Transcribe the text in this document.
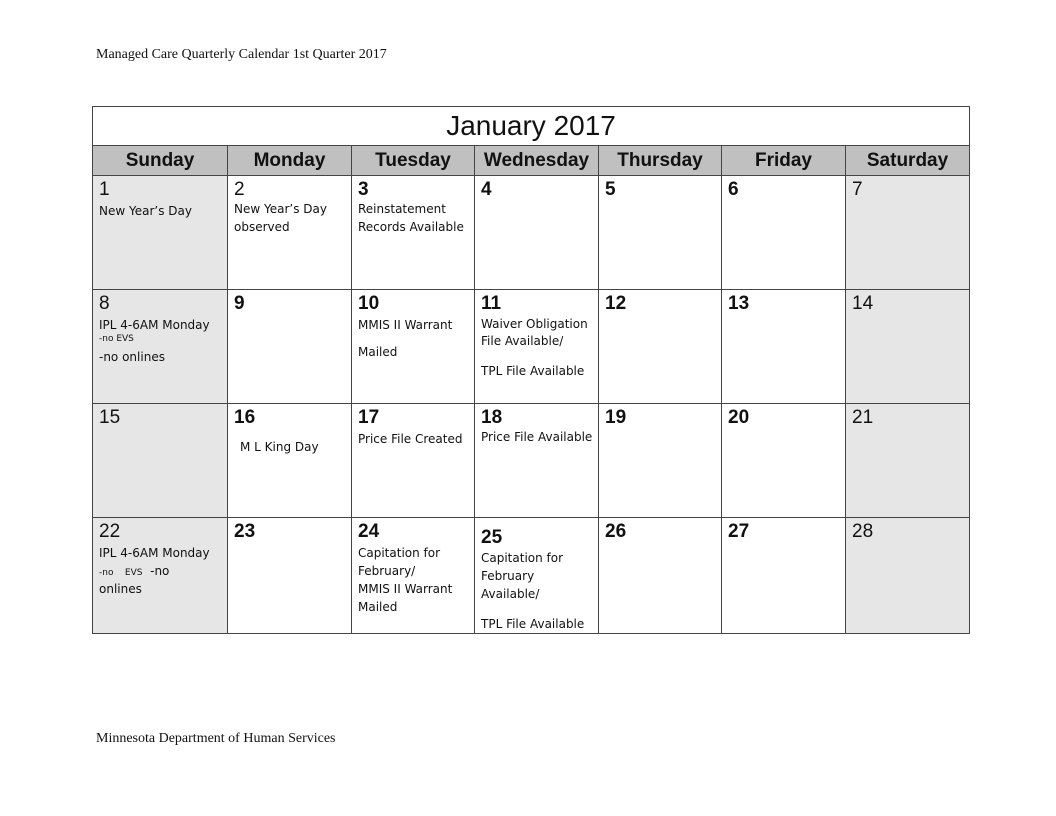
Managed Care Quarterly Calendar 1st Quarter 2017
January 2017						
Sunday	Monday	Tuesday	Wednesday	Thursday	Friday	Saturday

1
New Year’s Day	2
New Year’s Day
observed	3
Reinstatement
Records Available	4	5	6	7

8
IPL 4-6AM Monday
-no EVS
-no onlines	9	10
MMIS II Warrant
Mailed	11
Waiver Obligation
File Available/
TPL File Available	12	13	14

15	16
M L King Day	17
Price File Created	18
Price File Available	19	20	21

22
IPL 4-6AM Monday
-no EVS -no
onlines	23	24
Capitation for
February/
MMIS II Warrant
Mailed	25
Capitation for
February
Available/
TPL File Available	26	27	28
Minnesota Department of Human Services
